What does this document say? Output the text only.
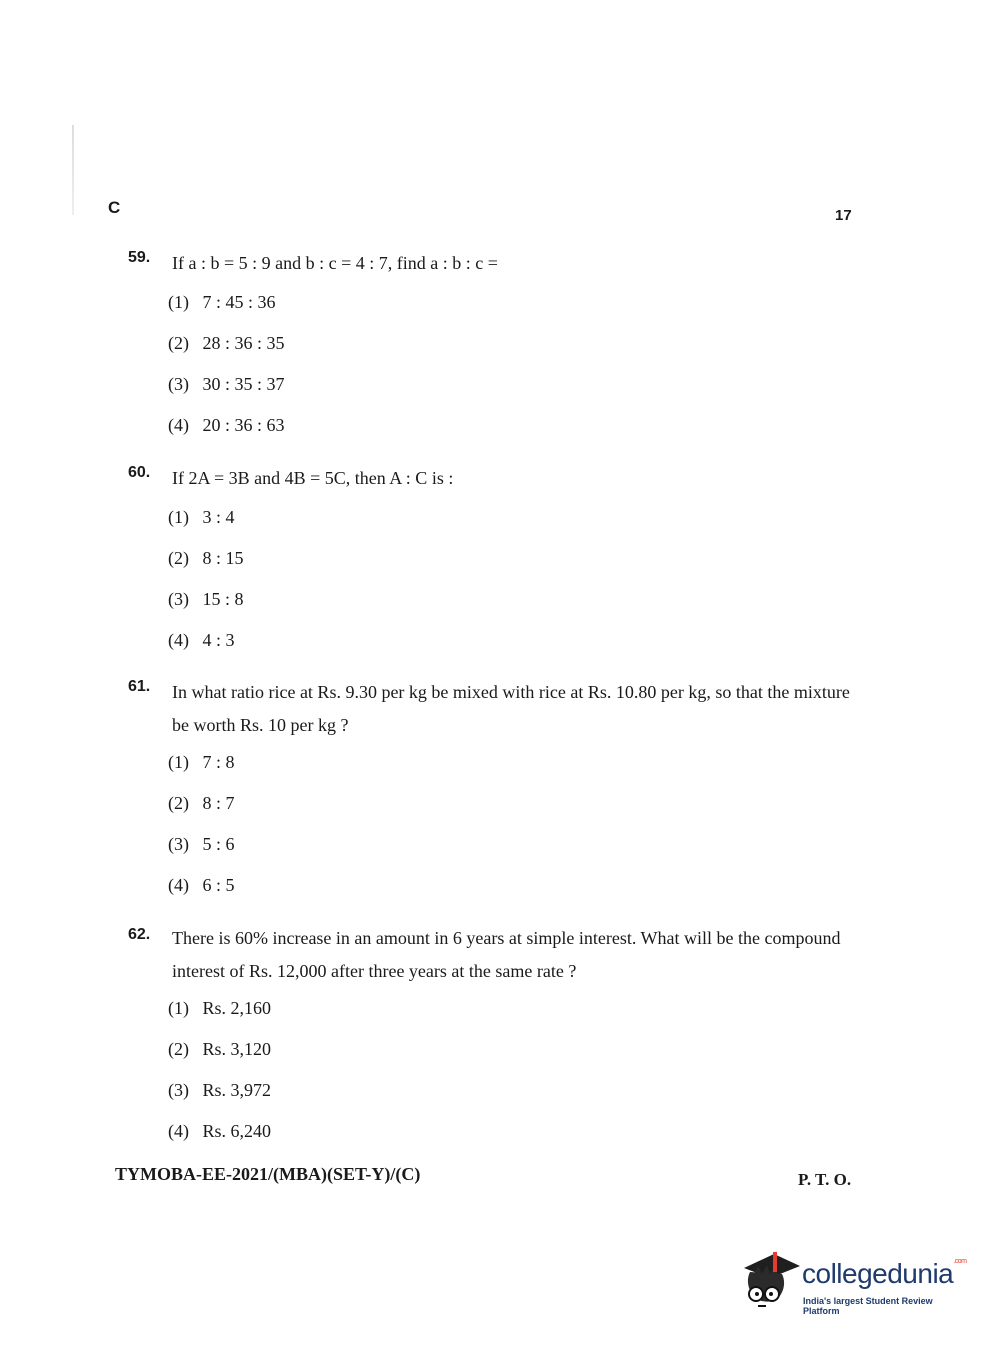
C	17
59. If a : b = 5 : 9 and b : c = 4 : 7, find a : b : c =
(1) 7 : 45 : 36
(2) 28 : 36 : 35
(3) 30 : 35 : 37
(4) 20 : 36 : 63
60. If 2A = 3B and 4B = 5C, then A : C is :
(1) 3 : 4
(2) 8 : 15
(3) 15 : 8
(4) 4 : 3
61. In what ratio rice at Rs. 9.30 per kg be mixed with rice at Rs. 10.80 per kg, so that the mixture be worth Rs. 10 per kg ?
(1) 7 : 8
(2) 8 : 7
(3) 5 : 6
(4) 6 : 5
62. There is 60% increase in an amount in 6 years at simple interest. What will be the compound interest of Rs. 12,000 after three years at the same rate ?
(1) Rs. 2,160
(2) Rs. 3,120
(3) Rs. 3,972
(4) Rs. 6,240
TYMOBA-EE-2021/(MBA)(SET-Y)/(C)	P. T. O.
collegedunia$^{.com}$
India's largest Student Review Platform
